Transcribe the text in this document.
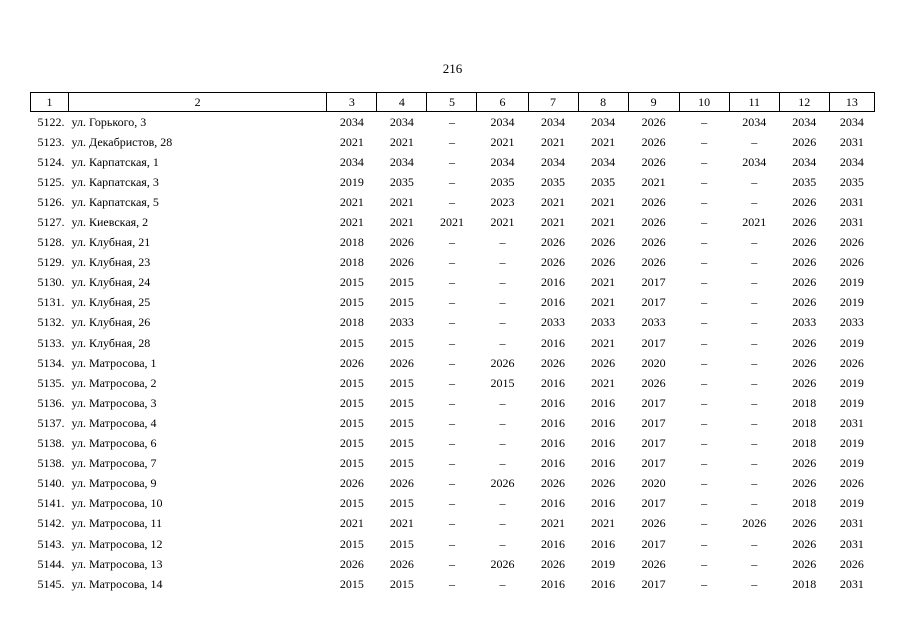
216
1	2	3	4	5	6	7	8	9	10	11	12	13
5122.	ул. Горького, 3	2034	2034	–	2034	2034	2034	2026	–	2034	2034	2034
5123.	ул. Декабристов, 28	2021	2021	–	2021	2021	2021	2026	–	–	2026	2031
5124.	ул. Карпатская, 1	2034	2034	–	2034	2034	2034	2026	–	2034	2034	2034
5125.	ул. Карпатская, 3	2019	2035	–	2035	2035	2035	2021	–	–	2035	2035
5126.	ул. Карпатская, 5	2021	2021	–	2023	2021	2021	2026	–	–	2026	2031
5127.	ул. Киевская, 2	2021	2021	2021	2021	2021	2021	2026	–	2021	2026	2031
5128.	ул. Клубная, 21	2018	2026	–	–	2026	2026	2026	–	–	2026	2026
5129.	ул. Клубная, 23	2018	2026	–	–	2026	2026	2026	–	–	2026	2026
5130.	ул. Клубная, 24	2015	2015	–	–	2016	2021	2017	–	–	2026	2019
5131.	ул. Клубная, 25	2015	2015	–	–	2016	2021	2017	–	–	2026	2019
5132.	ул. Клубная, 26	2018	2033	–	–	2033	2033	2033	–	–	2033	2033
5133.	ул. Клубная, 28	2015	2015	–	–	2016	2021	2017	–	–	2026	2019
5134.	ул. Матросова, 1	2026	2026	–	2026	2026	2026	2020	–	–	2026	2026
5135.	ул. Матросова, 2	2015	2015	–	2015	2016	2021	2026	–	–	2026	2019
5136.	ул. Матросова, 3	2015	2015	–	–	2016	2016	2017	–	–	2018	2019
5137.	ул. Матросова, 4	2015	2015	–	–	2016	2016	2017	–	–	2018	2031
5138.	ул. Матросова, 6	2015	2015	–	–	2016	2016	2017	–	–	2018	2019
5138.	ул. Матросова, 7	2015	2015	–	–	2016	2016	2017	–	–	2026	2019
5140.	ул. Матросова, 9	2026	2026	–	2026	2026	2026	2020	–	–	2026	2026
5141.	ул. Матросова, 10	2015	2015	–	–	2016	2016	2017	–	–	2018	2019
5142.	ул. Матросова, 11	2021	2021	–	–	2021	2021	2026	–	2026	2026	2031
5143.	ул. Матросова, 12	2015	2015	–	–	2016	2016	2017	–	–	2026	2031
5144.	ул. Матросова, 13	2026	2026	–	2026	2026	2019	2026	–	–	2026	2026
5145.	ул. Матросова, 14	2015	2015	–	–	2016	2016	2017	–	–	2018	2031
